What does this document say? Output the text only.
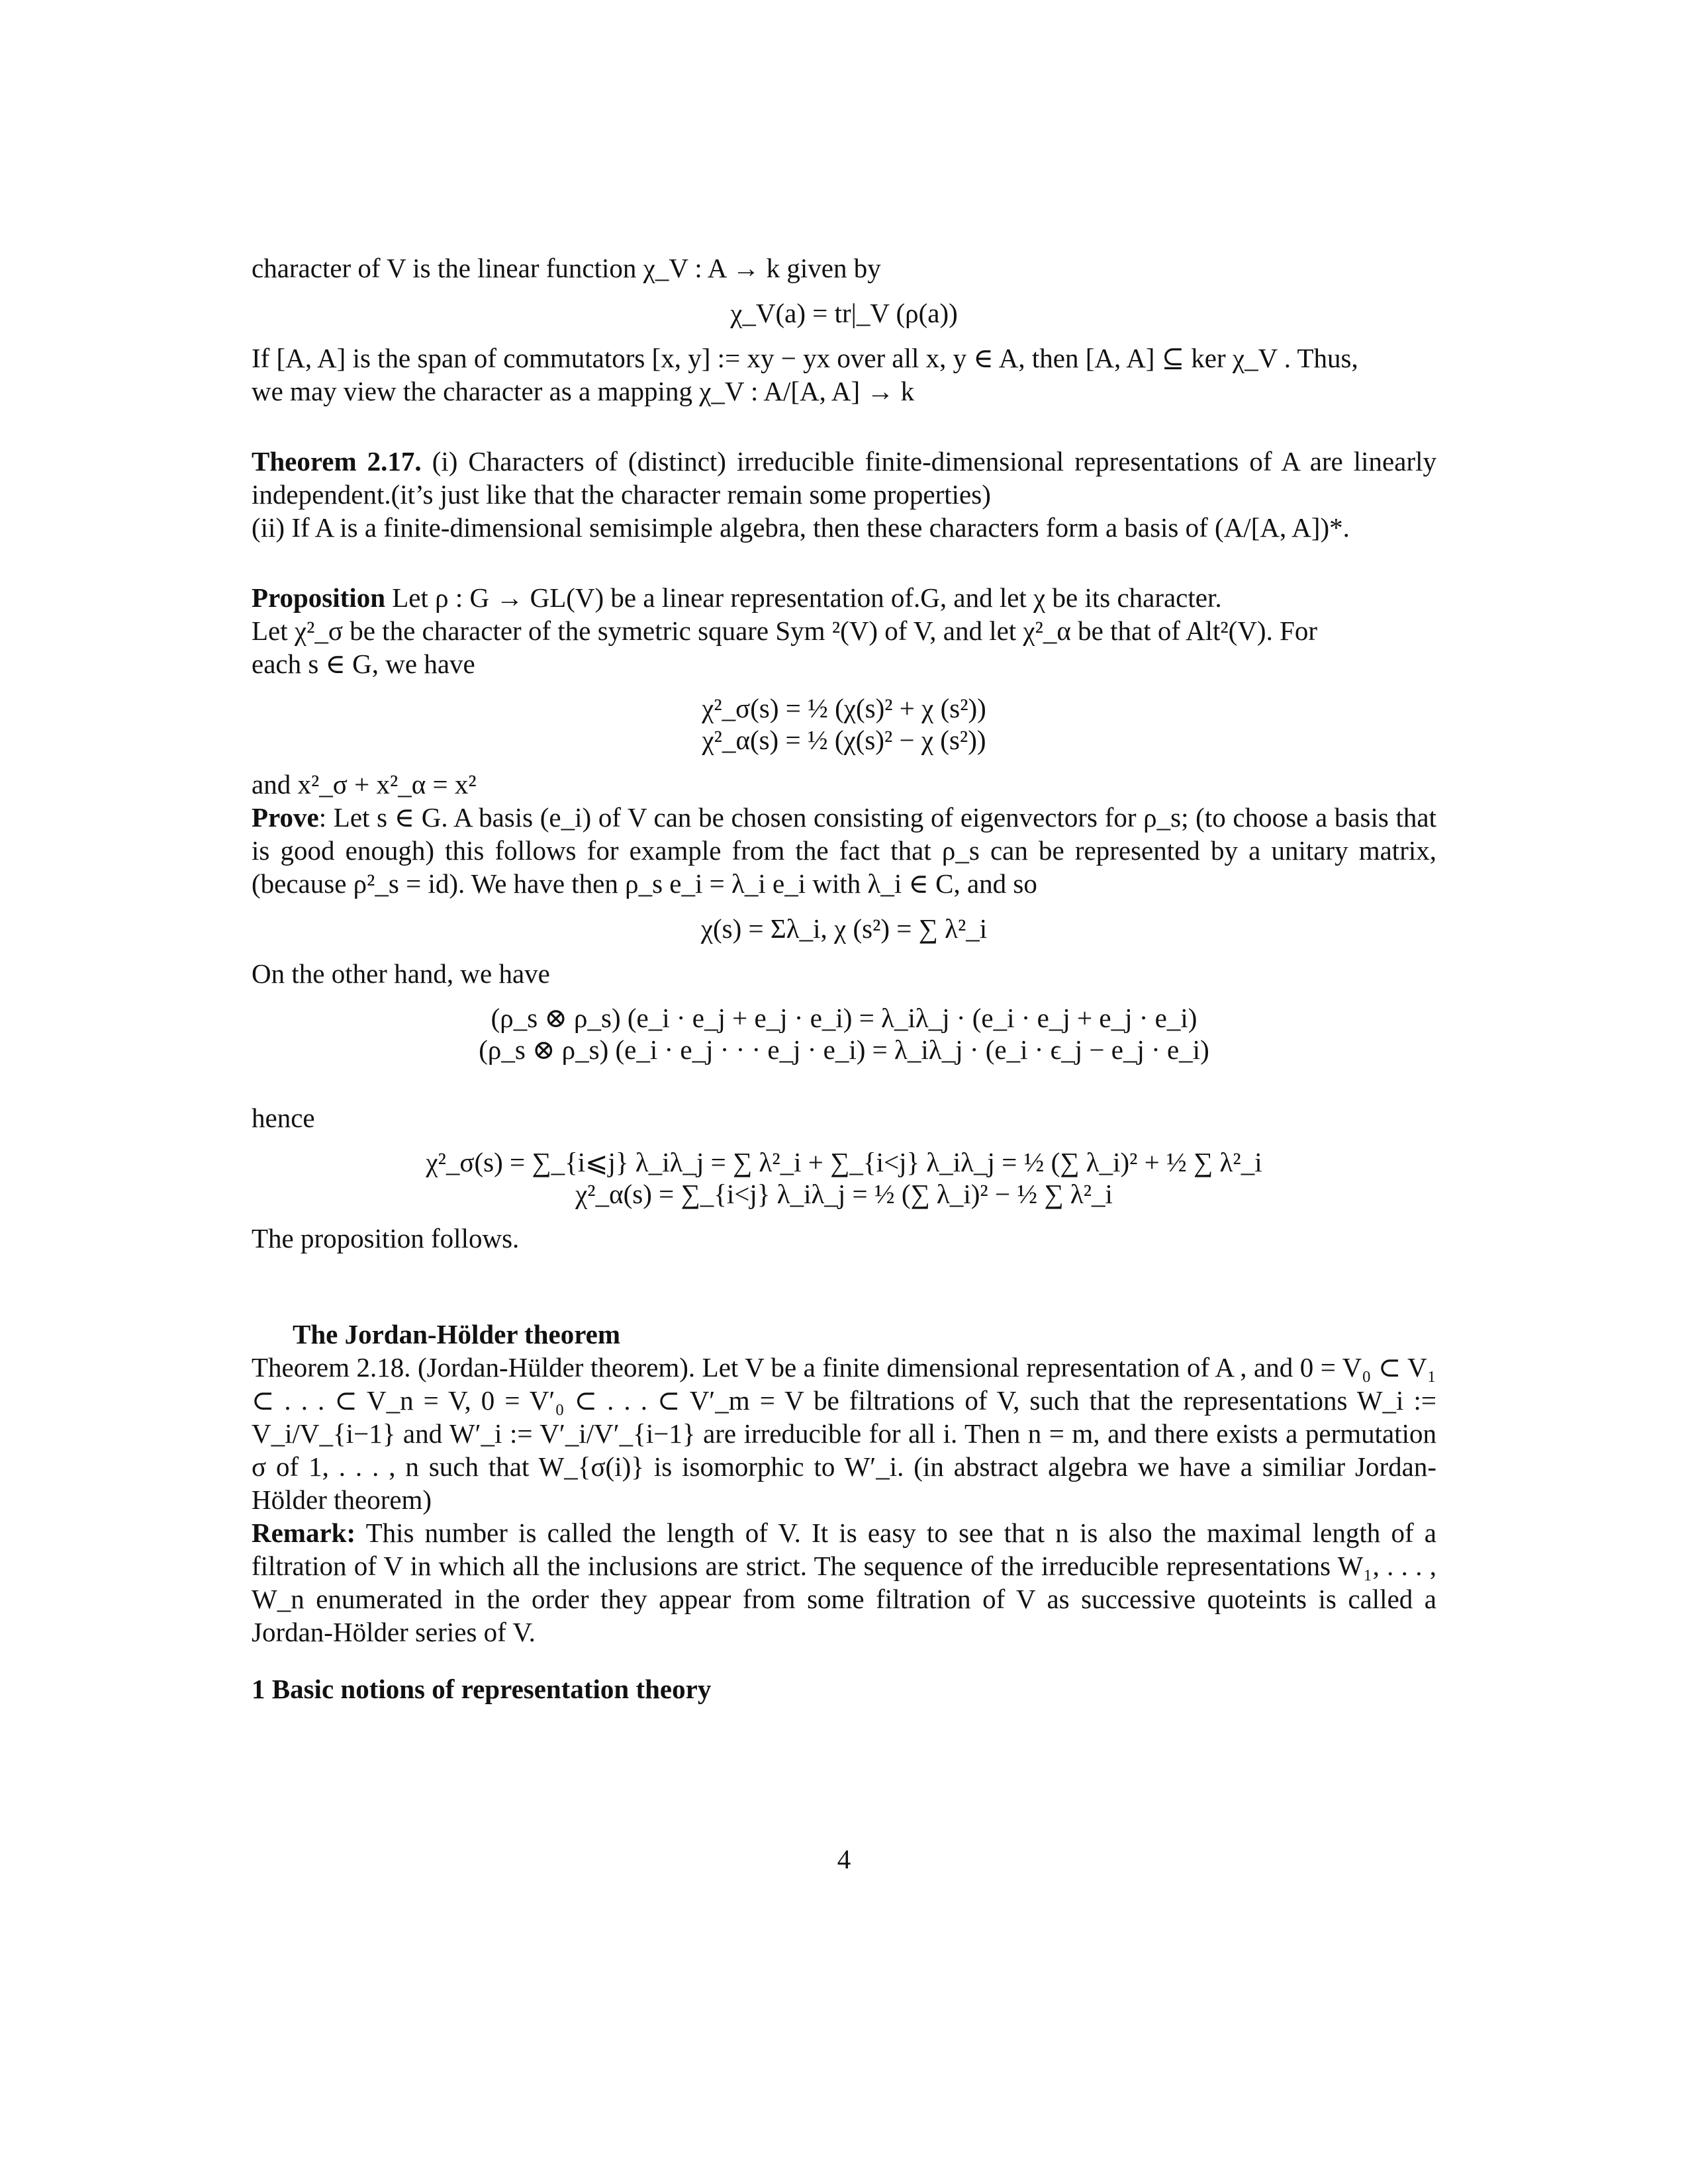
character of V is the linear function χ_V : A → k given by

χ_V(a) = tr|_V (ρ(a))

If [A, A] is the span of commutators [x, y] := xy − yx over all x, y ∈ A, then [A, A] ⊆ ker χ_V . Thus,

we may view the character as a mapping χ_V : A/[A, A] → k

Theorem 2.17. (i) Characters of (distinct) irreducible finite-dimensional representations of A are linearly independent.(it’s just like that the character remain some properties)

(ii) If A is a finite-dimensional semisimple algebra, then these characters form a basis of (A/[A, A])*.

Proposition Let ρ : G → GL(V) be a linear representation of.G, and let χ be its character.

Let χ²_σ be the character of the symetric square Sym ²(V) of V, and let χ²_α be that of Alt²(V). For

each s ∈ G, we have

χ²_σ(s) = ½ (χ(s)² + χ (s²))
χ²_α(s) = ½ (χ(s)² − χ (s²))

and x²_σ + x²_α = x²

Prove: Let s ∈ G. A basis (e_i) of V can be chosen consisting of eigenvectors for ρ_s; (to choose a basis that is good enough) this follows for example from the fact that ρ_s can be represented by a unitary matrix,(because ρ²_s = id). We have then ρ_s e_i = λ_i e_i with λ_i ∈ C, and so

χ(s) = Σλ_i, χ (s²) = ∑ λ²_i

On the other hand, we have

(ρ_s ⊗ ρ_s) (e_i · e_j + e_j · e_i) = λ_iλ_j · (e_i · e_j + e_j · e_i)
(ρ_s ⊗ ρ_s) (e_i · e_j · · · e_j · e_i) = λ_iλ_j · (e_i · ϵ_j − e_j · e_i)

hence

χ²_σ(s) = ∑_{i⩽j} λ_iλ_j = ∑ λ²_i + ∑_{i<j} λ_iλ_j = ½ (∑ λ_i)² + ½ ∑ λ²_i
χ²_α(s) = ∑_{i<j} λ_iλ_j = ½ (∑ λ_i)² − ½ ∑ λ²_i

The proposition follows.

The Jordan-Hölder theorem

Theorem 2.18. (Jordan-Hülder theorem). Let V be a finite dimensional representation of A , and 0 = V₀ ⊂ V₁ ⊂ . . . ⊂ V_n = V, 0 = V′₀ ⊂ . . . ⊂ V′_m = V be filtrations of V, such that the representations W_i := V_i/V_{i−1} and W′_i := V′_i/V′_{i−1} are irreducible for all i. Then n = m, and there exists a permutation σ of 1, . . . , n such that W_{σ(i)} is isomorphic to W′_i. (in abstract algebra we have a similiar Jordan-Hölder theorem)

Remark: This number is called the length of V. It is easy to see that n is also the maximal length of a filtration of V in which all the inclusions are strict. The sequence of the irreducible representations W₁, . . . , W_n enumerated in the order they appear from some filtration of V as successive quoteints is called a Jordan-Hölder series of V.

1 Basic notions of representation theory

4
